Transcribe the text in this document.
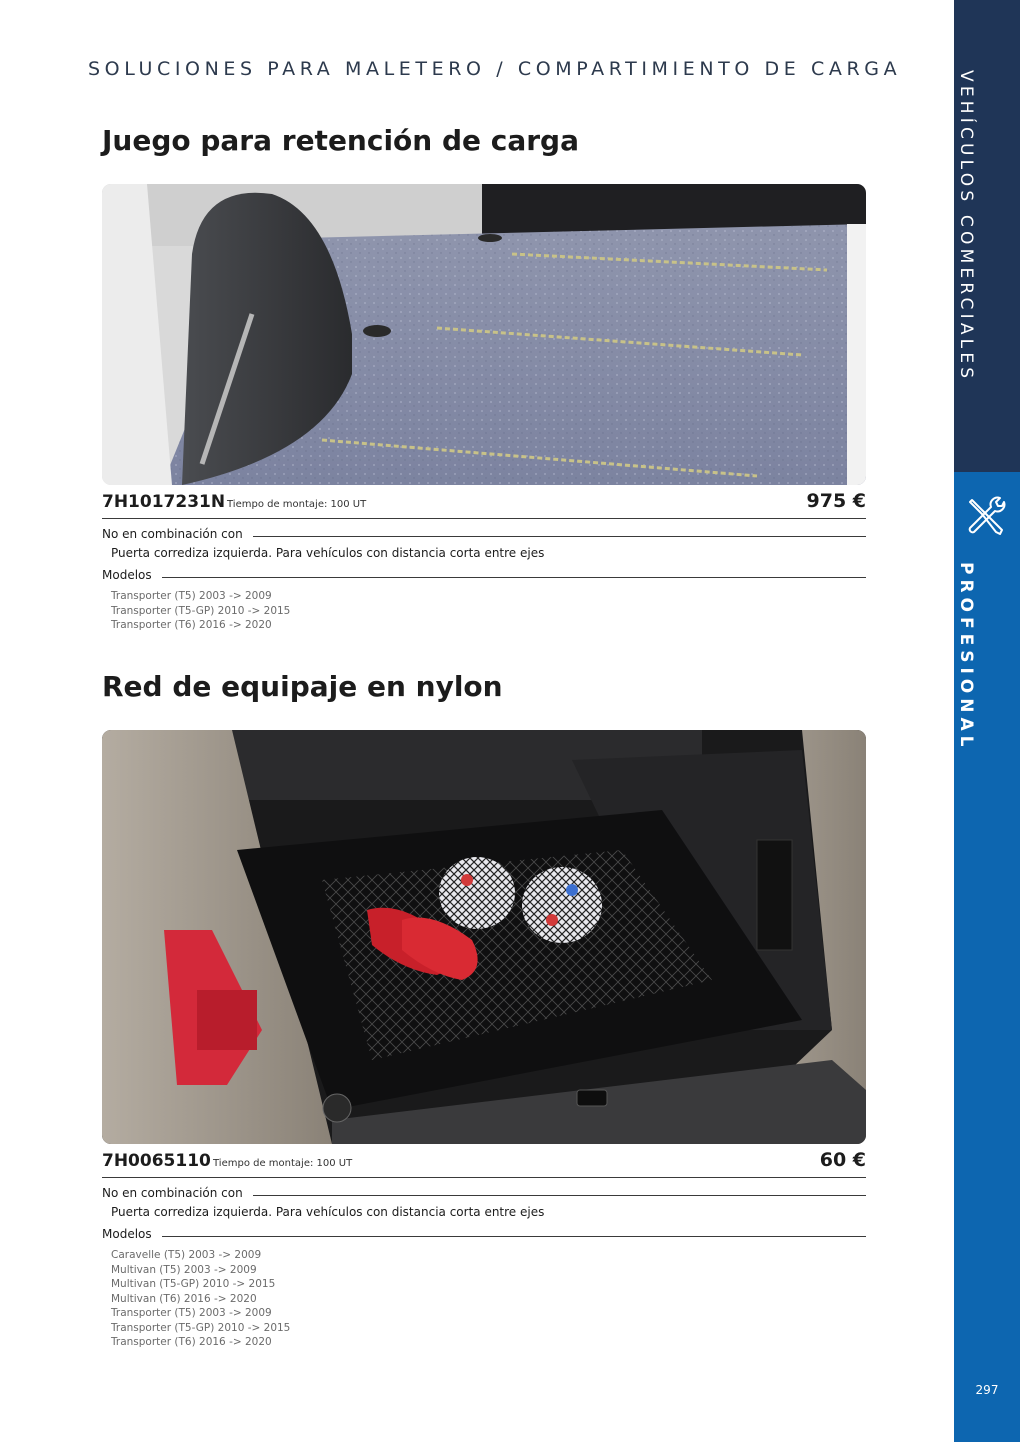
SOLUCIONES PARA MALETERO / COMPARTIMIENTO DE CARGA
Juego para retención de carga
7H1017231N Tiempo de montaje: 100 UT	975 €
No en combinación con
Puerta corrediza izquierda. Para vehículos con distancia corta entre ejes
Modelos
Transporter (T5) 2003 -> 2009
Transporter (T5-GP) 2010 -> 2015
Transporter (T6) 2016 -> 2020
Red de equipaje en nylon
7H0065110 Tiempo de montaje: 100 UT	60 €
No en combinación con
Puerta corrediza izquierda. Para vehículos con distancia corta entre ejes
Modelos
Caravelle (T5) 2003 -> 2009
Multivan (T5) 2003 -> 2009
Multivan (T5-GP) 2010 -> 2015
Multivan (T6) 2016 -> 2020
Transporter (T5) 2003 -> 2009
Transporter (T5-GP) 2010 -> 2015
Transporter (T6) 2016 -> 2020
VEHÍCULOS COMERCIALES
PROFESIONAL
297
